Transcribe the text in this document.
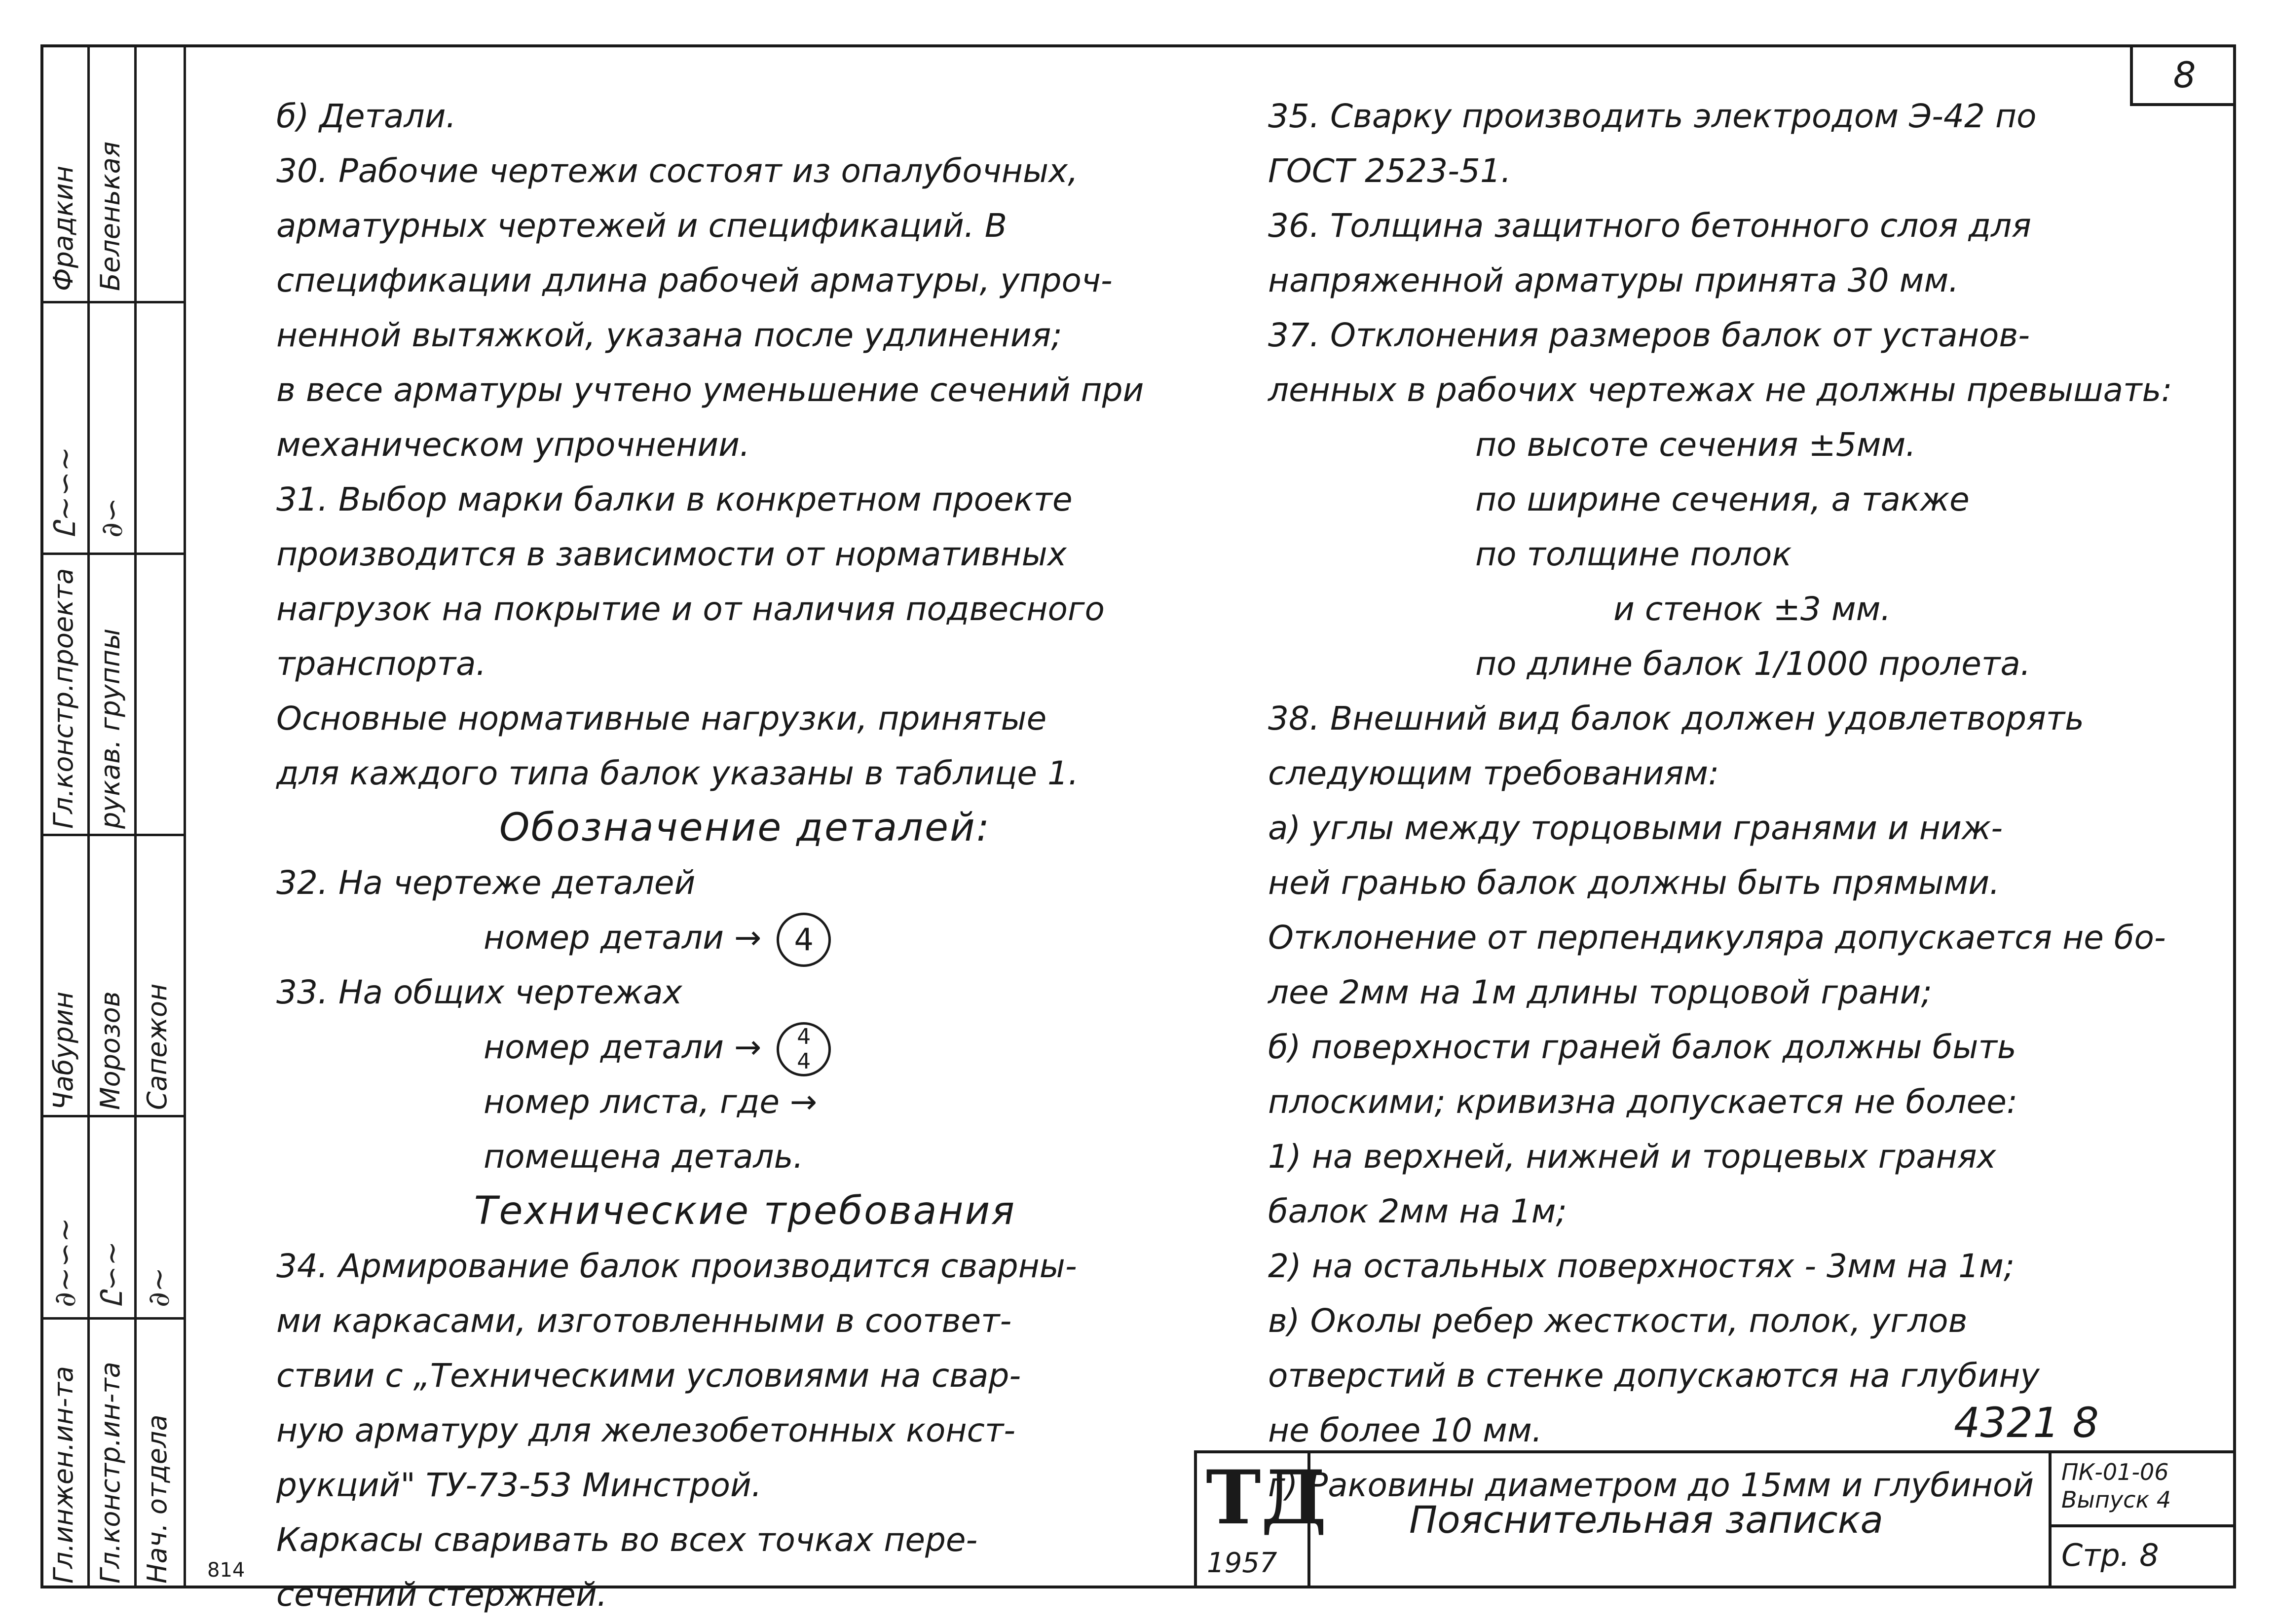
Фрадкин Беленькая
Гл.констр.проекта рукав. группы
Чабурин Морозов Сапежон
Гл.инжен.ин-та Гл.констр.ин-та Нач. отдела
Ꮭ∼∽∼ ∂∽
∂∼∽∼ Ꮭ∽∼ ∂∼
8
б) Детали.
30. Рабочие чертежи состоят из опалубочных,
арматурных чертежей и спецификаций. В
спецификации длина рабочей арматуры, упроч-
ненной вытяжкой, указана после удлинения;
в весе арматуры учтено уменьшение сечений при
механическом упрочнении.
31. Выбор марки балки в конкретном проекте
производится в зависимости от нормативных
нагрузок на покрытие и от наличия подвесного
транспорта.
Основные нормативные нагрузки, принятые
для каждого типа балок указаны в таблице 1.
Обозначение деталей:
32. На чертеже деталей
номер детали → 4
33. На общих чертежах
номер детали → 4
4
номер листа, где →
помещена деталь.
Технические требования
34. Армирование балок производится сварны-
ми каркасами, изготовленными в соответ-
ствии с „Техническими условиями на свар-
ную арматуру для железобетонных конст-
рукций" ТУ-73-53 Минстрой.
Каркасы сваривать во всех точках пере-
сечений стержней.
35. Сварку производить электродом Э-42 по
ГОСТ 2523-51.
36. Толщина защитного бетонного слоя для
напряженной арматуры принята 30 мм.
37. Отклонения размеров балок от установ-
ленных в рабочих чертежах не должны превышать:
по высоте сечения ±5мм.
по ширине сечения, а также
по толщине полок
и стенок ±3 мм.
по длине балок 1/1000 пролета.
38. Внешний вид балок должен удовлетворять
следующим требованиям:
а) углы между торцовыми гранями и ниж-
ней гранью балок должны быть прямыми.
Отклонение от перпендикуляра допускается не бо-
лее 2мм на 1м длины торцовой грани;
б) поверхности граней балок должны быть
плоскими; кривизна допускается не более:
1) на верхней, нижней и торцевых гранях
балок 2мм на 1м;
2) на остальных поверхностях - 3мм на 1м;
в) Околы ребер жесткости, полок, углов
отверстий в стенке допускаются на глубину
не более 10 мм.
г) Раковины диаметром до 15мм и глубиной
4321 8
ТД
1957
Пояснительная записка
ПК-01-06
Выпуск 4
Стр. 8
814
